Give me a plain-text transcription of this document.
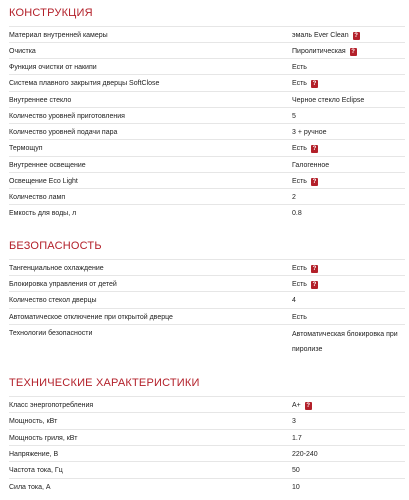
КОНСТРУКЦИЯ
Материал внутренней камеры	эмаль Ever Clean ?
Очистка	Пиролитическая ?
Функция очистки от накипи	Есть
Система плавного закрытия дверцы SoftClose	Есть ?
Внутреннее стекло	Черное стекло Eclipse
Количество уровней приготовления	5
Количество уровней подачи пара	3 + ручное
Термощуп	Есть ?
Внутреннее освещение	Галогенное
Освещение Eco Light	Есть ?
Количество ламп	2
Емкость для воды, л	0.8
БЕЗОПАСНОСТЬ
Тангенциальное охлаждение	Есть ?
Блокировка управления от детей	Есть ?
Количество стекол дверцы	4
Автоматическое отключение при открытой дверце	Есть
Технологии безопасности	Автоматическая блокировка при пиролизе
ТЕХНИЧЕСКИЕ ХАРАКТЕРИСТИКИ
Класс энергопотребления	A+ ?
Мощность, кВт	3
Мощность гриля, кВт	1.7
Напряжение, В	220-240
Частота тока, Гц	50
Сила тока, А	10
